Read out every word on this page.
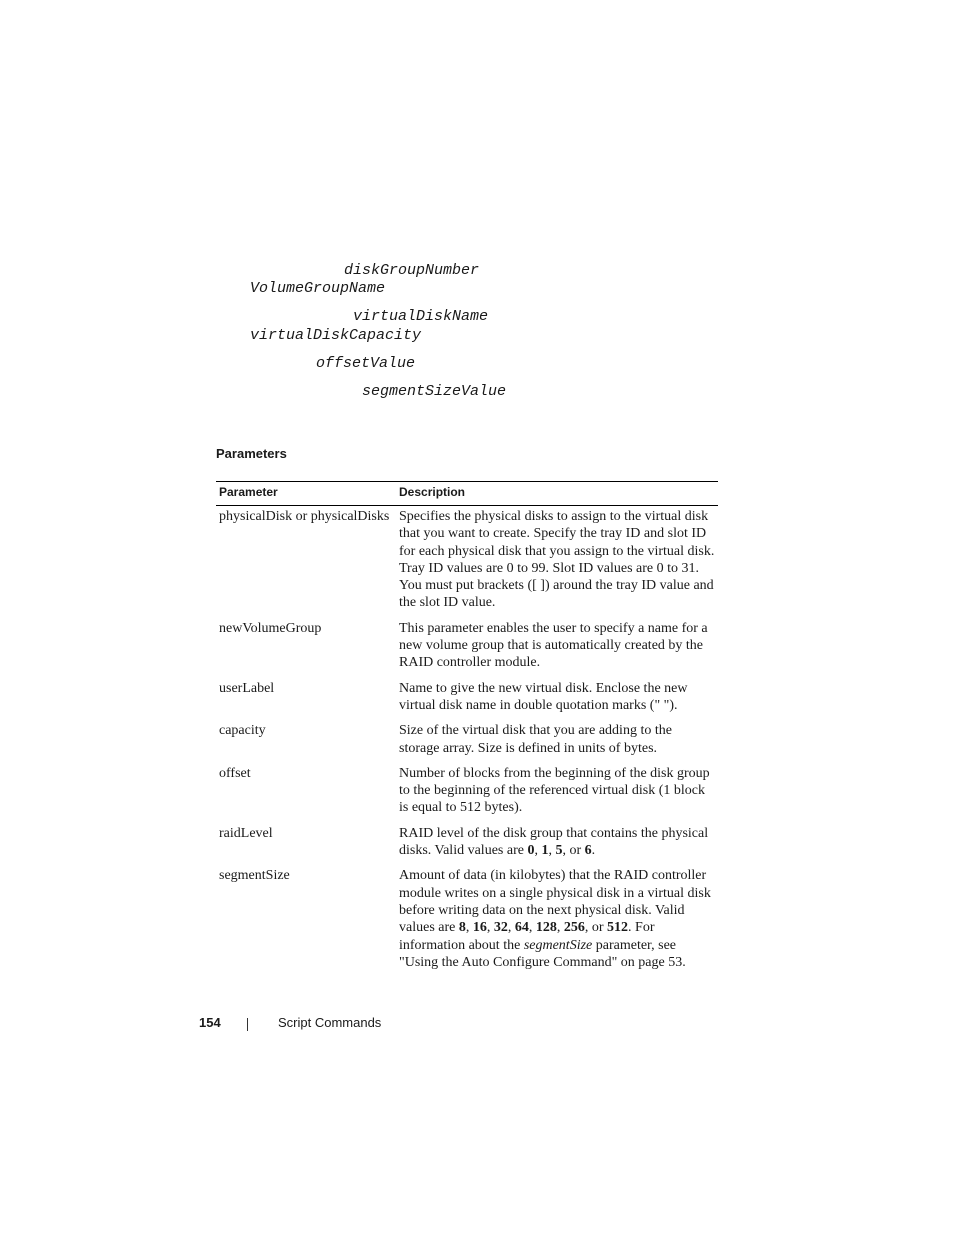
diskGroupNumber
VolumeGroupName
virtualDiskName
virtualDiskCapacity
offsetValue
segmentSizeValue
Parameters
Parameter	Description
physicalDisk or physicalDisks	Specifies the physical disks to assign to the virtual disk that you want to create. Specify the tray ID and slot ID for each physical disk that you assign to the virtual disk. Tray ID values are 0 to 99. Slot ID values are 0 to 31. You must put brackets ([ ]) around the tray ID value and the slot ID value.
newVolumeGroup	This parameter enables the user to specify a name for a new volume group that is automatically created by the RAID controller module.
userLabel	Name to give the new virtual disk. Enclose the new virtual disk name in double quotation marks (" ").
capacity	Size of the virtual disk that you are adding to the storage array. Size is defined in units of bytes.
offset	Number of blocks from the beginning of the disk group to the beginning of the referenced virtual disk (1 block is equal to 512 bytes).
raidLevel	RAID level of the disk group that contains the physical disks. Valid values are 0, 1, 5, or 6.
segmentSize	Amount of data (in kilobytes) that the RAID controller module writes on a single physical disk in a virtual disk before writing data on the next physical disk. Valid values are 8, 16, 32, 64, 128, 256, or 512. For information about the segmentSize parameter, see "Using the Auto Configure Command" on page 53.
154	Script Commands
